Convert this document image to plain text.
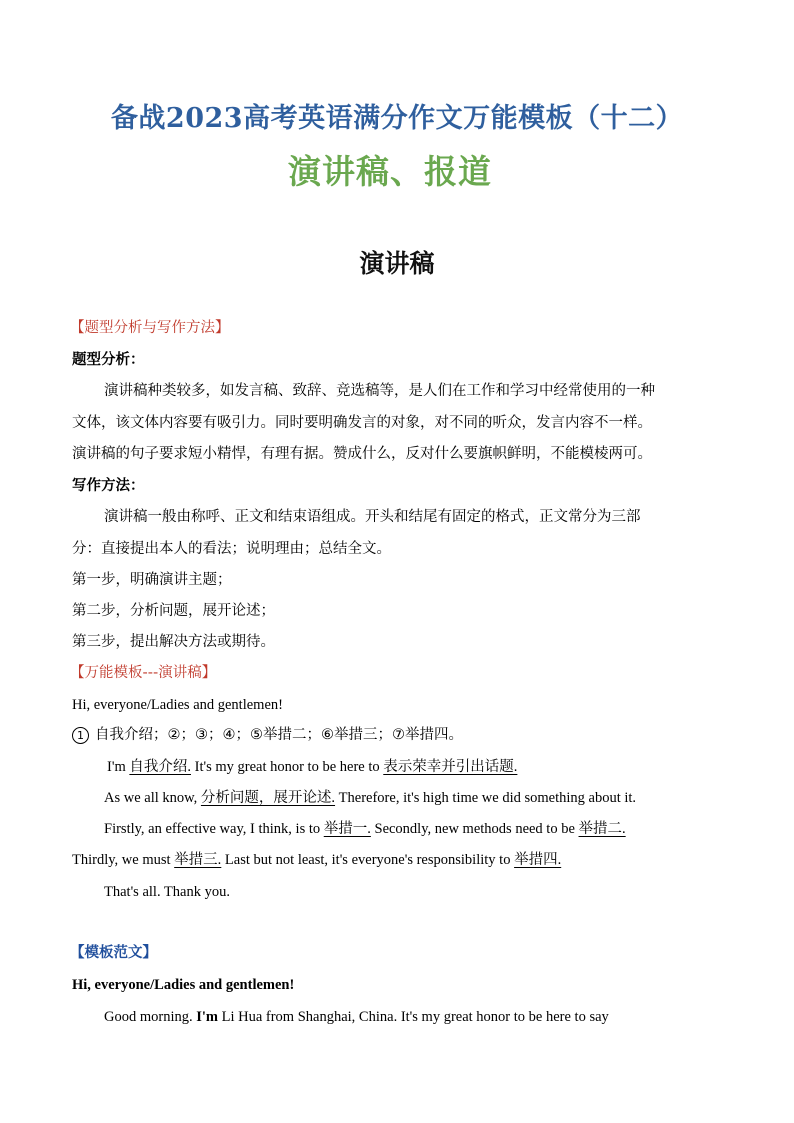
备战2023高考英语满分作文万能模板（十二）
演讲稿、报道
演讲稿
【题型分析与写作方法】
题型分析：
演讲稿种类较多，如发言稿、致辞、竞选稿等，是人们在工作和学习中经常使用的一种
文体，该文体内容要有吸引力。同时要明确发言的对象，对不同的听众，发言内容不一样。
演讲稿的句子要求短小精悍，有理有据。赞成什么，反对什么要旗帜鲜明，不能模棱两可。
写作方法：
演讲稿一般由称呼、正文和结束语组成。开头和结尾有固定的格式，正文常分为三部
分：直接提出本人的看法；说明理由；总结全文。
第一步，明确演讲主题；
第二步，分析问题，展开论述；
第三步，提出解决方法或期待。
【万能模板---演讲稿】
Hi, everyone/Ladies and gentlemen!
1 自我介绍；②；③；④；⑤举措二；⑥举措三；⑦举措四。
I'm 自我介绍. It's my great honor to be here to 表示荣幸并引出话题.
As we all know, 分析问题，展开论述. Therefore, it's high time we did something about it.
Firstly, an effective way, I think, is to 举措一. Secondly, new methods need to be 举措二.
Thirdly, we must 举措三. Last but not least, it's everyone's responsibility to 举措四.
That's all. Thank you.
【模板范文】
Hi, everyone/Ladies and gentlemen!
Good morning. I'm Li Hua from Shanghai, China. It's my great honor to be here to say
